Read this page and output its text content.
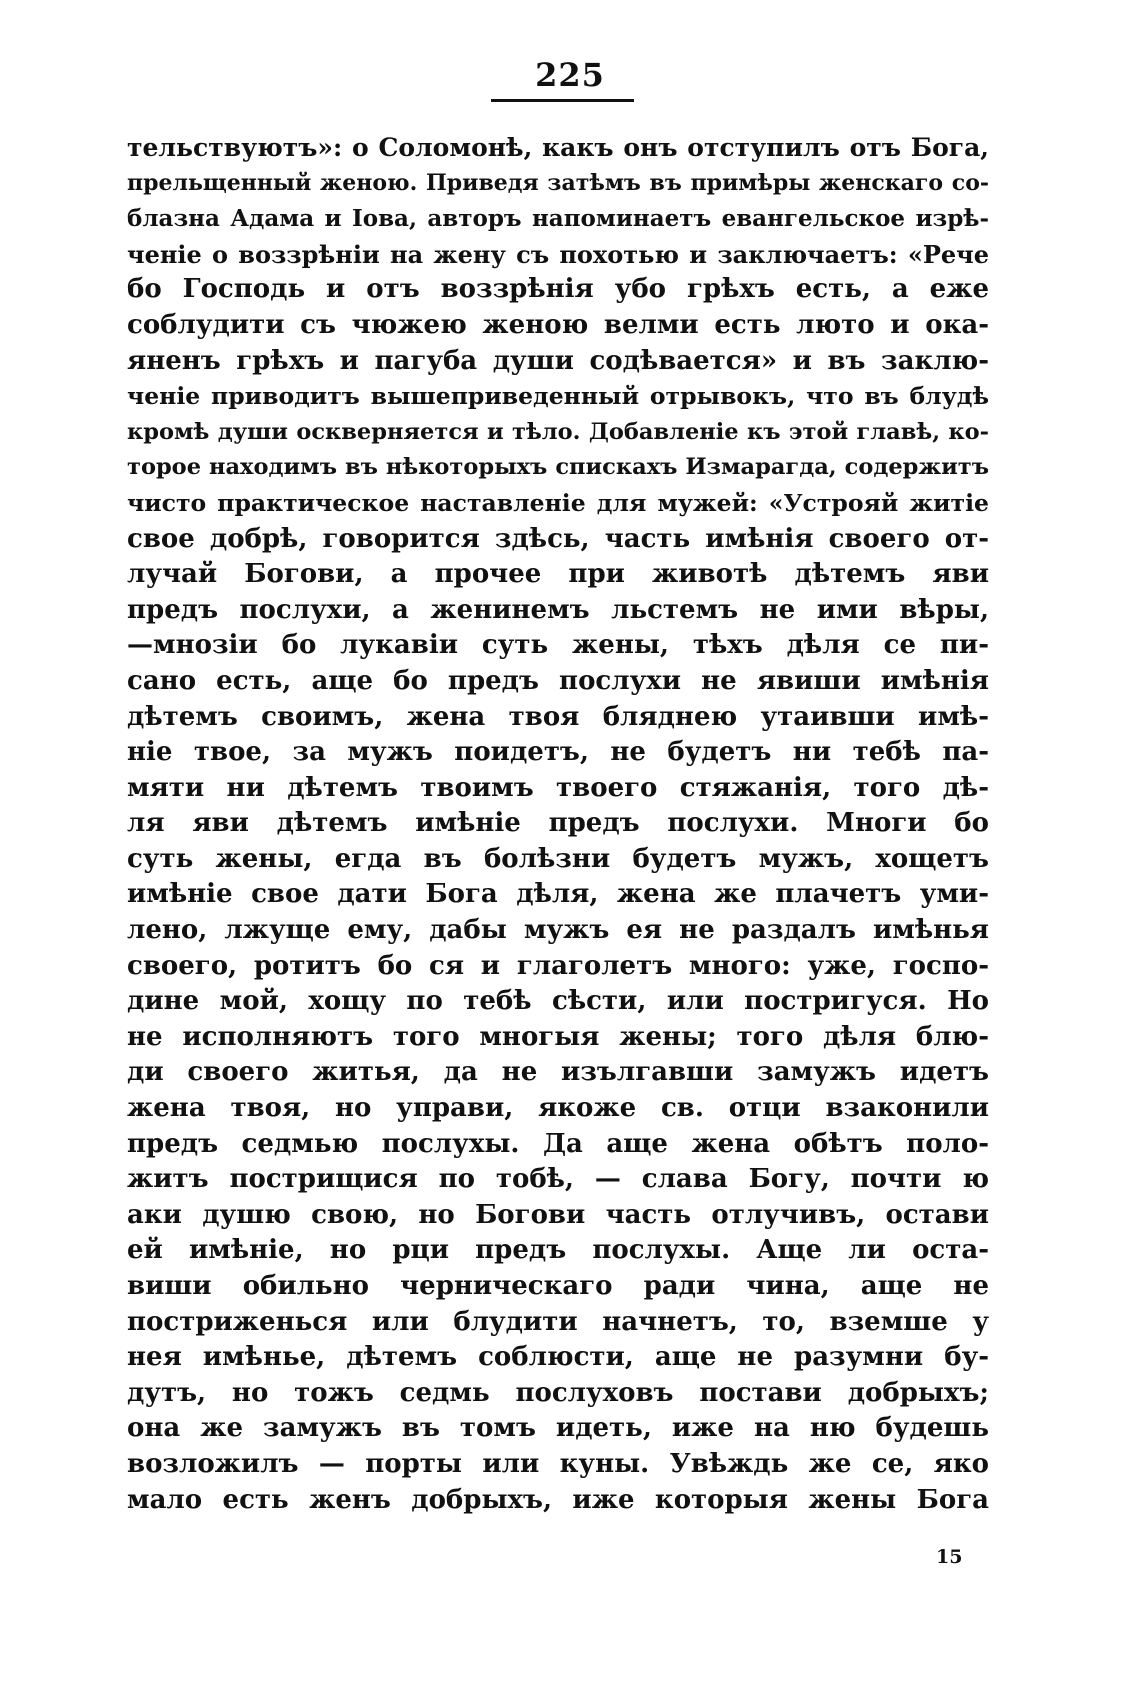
225
тельствуютъ»: о Соломонѣ, какъ онъ отступилъ отъ Бога,
прельщенный женою. Приведя затѣмъ въ примѣры женскаго со-
блазна Адама и Іова, авторъ напоминаетъ евангельское изрѣ-
ченіе о воззрѣніи на жену съ похотью и заключаетъ: «Рече
бо Господь и отъ воззрѣнія убо грѣхъ есть, а еже
соблудити съ чюжею женою велми есть люто и ока-
яненъ грѣхъ и пагуба души содѣвается» и въ заклю-
ченіе приводитъ вышеприведенный отрывокъ, что въ блудѣ
кромѣ души оскверняется и тѣло. Добавленіе къ этой главѣ, ко-
торое находимъ въ нѣкоторыхъ спискахъ Измарагда, содержитъ
чисто практическое наставленіе для мужей: «Устрояй житіе
свое добрѣ, говорится здѣсь, часть имѣнія своего от-
лучай Богови, а прочее при животѣ дѣтемъ яви
предъ послухи, а женинемъ льстемъ не ими вѣры,
—мнозіи бо лукавіи суть жены, тѣхъ дѣля се пи-
сано есть, аще бо предъ послухи не явиши имѣнія
дѣтемъ своимъ, жена твоя бляднею утаивши имѣ-
ніе твое, за мужъ поидетъ, не будетъ ни тебѣ па-
мяти ни дѣтемъ твоимъ твоего стяжанія, того дѣ-
ля яви дѣтемъ имѣніе предъ послухи. Многи бо
суть жены, егда въ болѣзни будетъ мужъ, хощетъ
имѣніе свое дати Бога дѣля, жена же плачетъ уми-
лено, лжуще ему, дабы мужъ ея не раздалъ имѣнья
своего, ротитъ бо ся и глаголетъ много: уже, госпо-
дине мой, хощу по тебѣ сѣсти, или постригуся. Но
не исполняютъ того многыя жены; того дѣля блю-
ди своего житья, да не изългавши замужъ идетъ
жена твоя, но управи, якоже св. отци взаконили
предъ седмью послухы. Да аще жена обѣтъ поло-
житъ пострищися по тобѣ, — слава Богу, почти ю
аки душю свою, но Богови часть отлучивъ, остави
ей имѣніе, но рци предъ послухы. Аще ли оста-
виши обильно черническаго ради чина, аще не
постриженься или блудити начнетъ, то, вземше у
нея имѣнье, дѣтемъ соблюсти, аще не разумни бу-
дутъ, но тожъ седмь послуховъ постави добрыхъ;
она же замужъ въ томъ идеть, иже на ню будешь
возложилъ — порты или куны. Увѣждь же се, яко
мало есть женъ добрыхъ, иже которыя жены Бога
15
